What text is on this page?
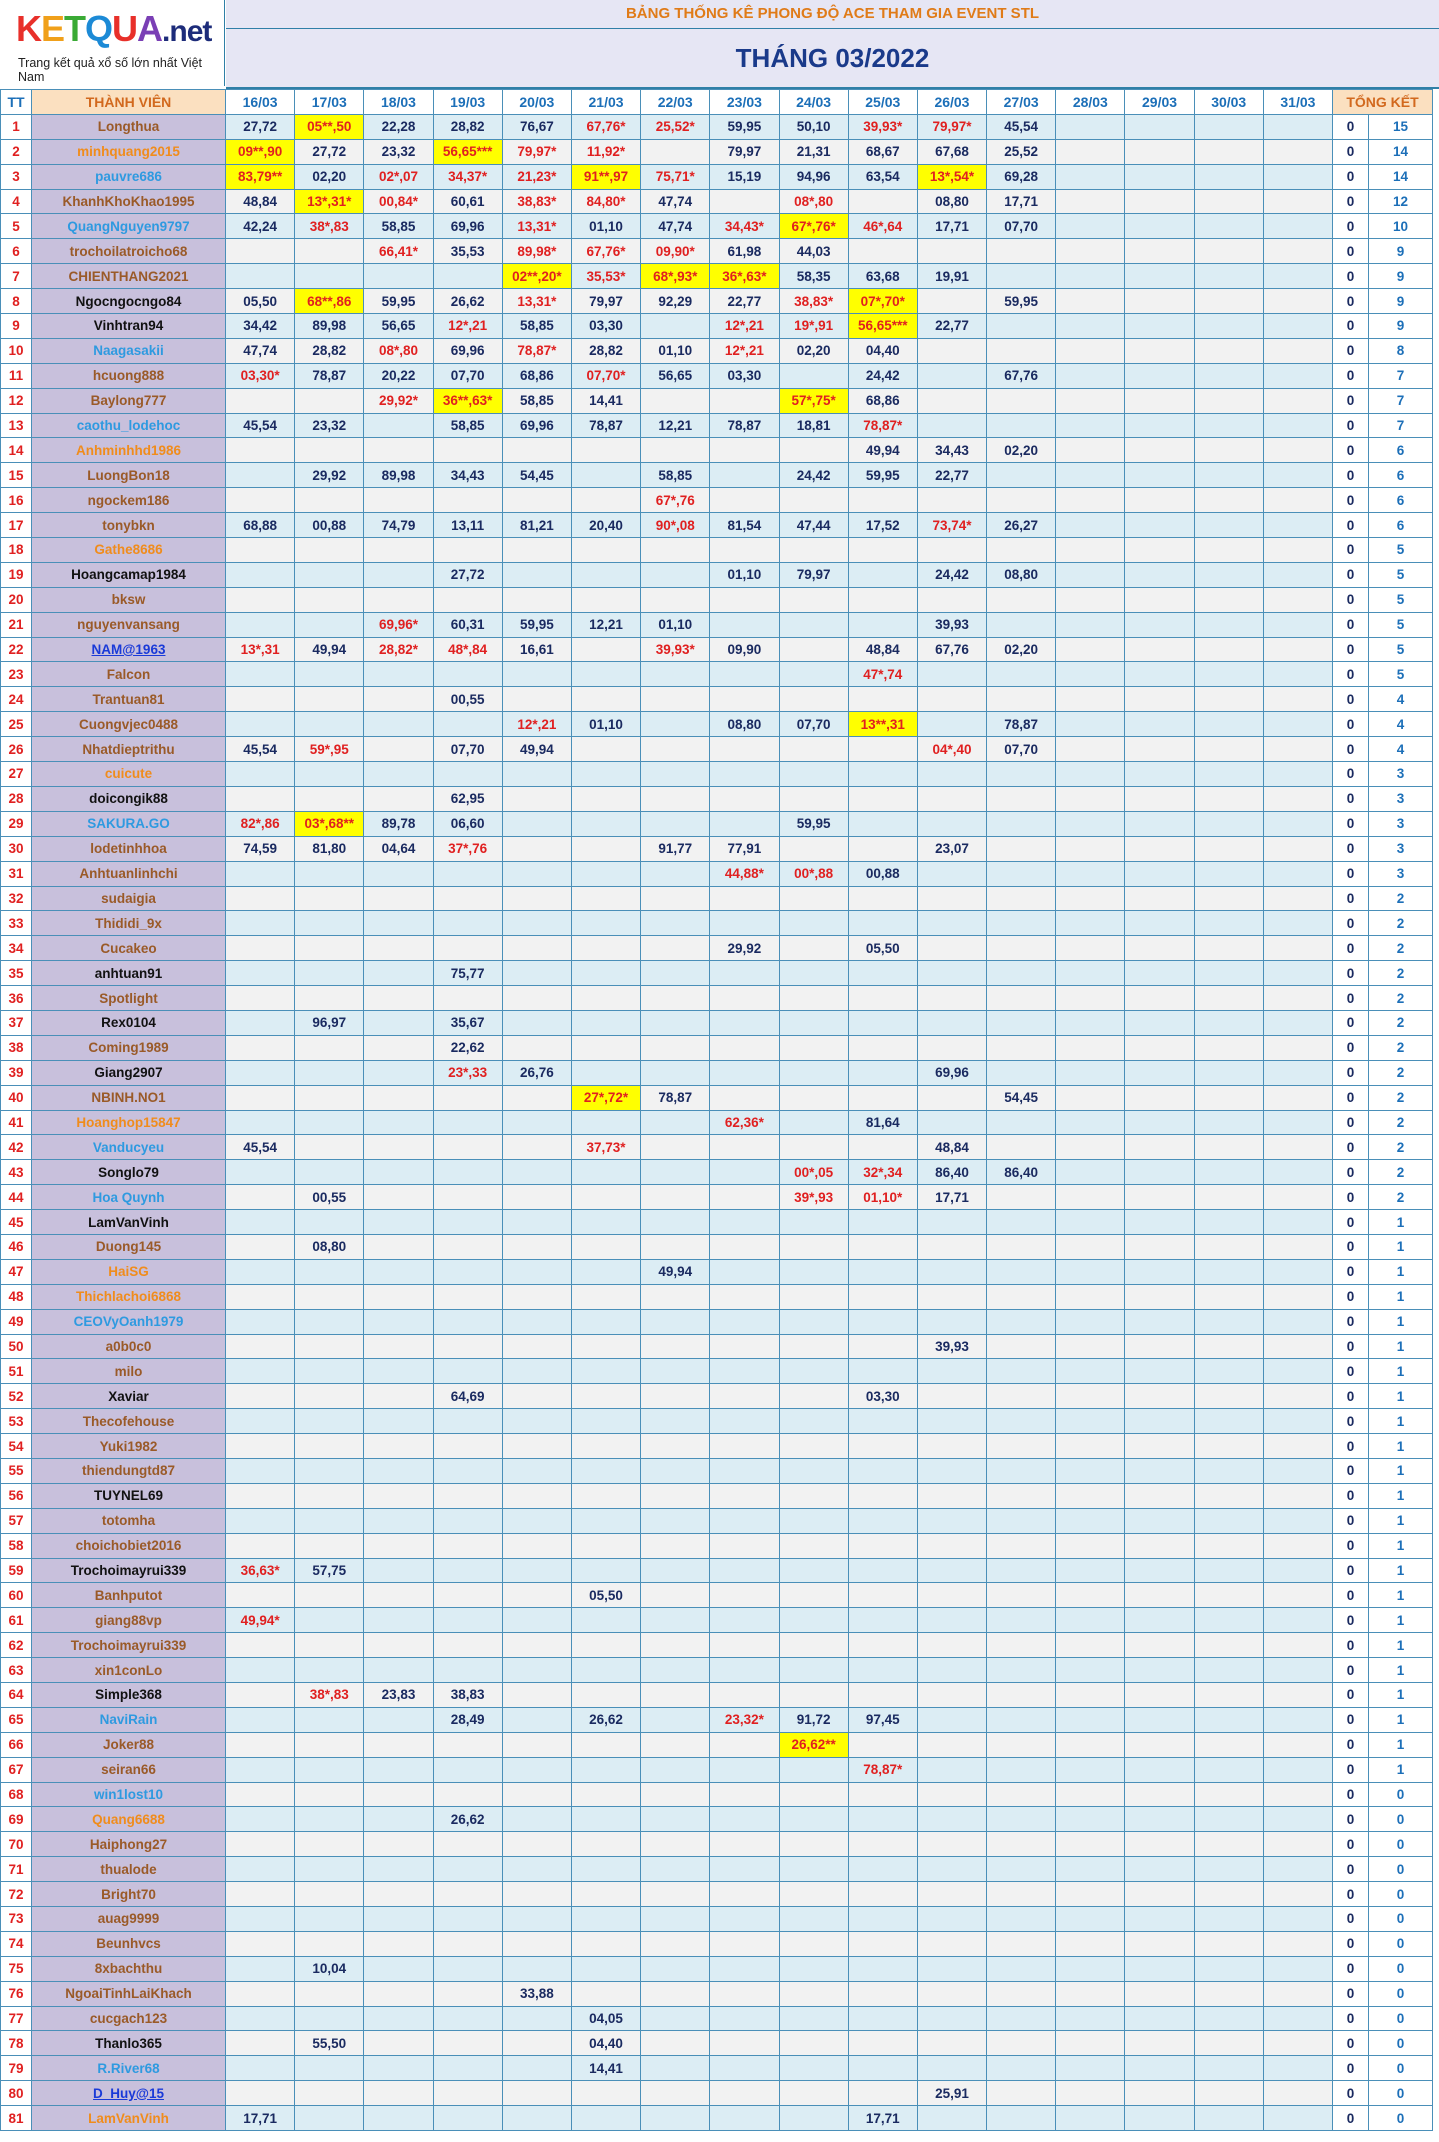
KETQUA.net
Trang kết quả xổ số lớn nhất Việt Nam
BẢNG THỐNG KÊ PHONG ĐỘ ACE THAM GIA EVENT STL
THÁNG 03/2022
TT	THÀNH VIÊN	16/03	17/03	18/03	19/03	20/03	21/03	22/03	23/03	24/03	25/03	26/03	27/03	28/03	29/03	30/03	31/03	TỔNG KẾT	
1	Longthua	27,72	05**,50	22,28	28,82	76,67	67,76*	25,52*	59,95	50,10	39,93*	79,97*	45,54					0	15
2	minhquang2015	09**,90	27,72	23,32	56,65***	79,97*	11,92*		79,97	21,31	68,67	67,68	25,52					0	14
3	pauvre686	83,79**	02,20	02*,07	34,37*	21,23*	91**,97	75,71*	15,19	94,96	63,54	13*,54*	69,28					0	14
4	KhanhKhoKhao1995	48,84	13*,31*	00,84*	60,61	38,83*	84,80*	47,74		08*,80		08,80	17,71					0	12
5	QuangNguyen9797	42,24	38*,83	58,85	69,96	13,31*	01,10	47,74	34,43*	67*,76*	46*,64	17,71	07,70					0	10
6	trochoilatroicho68			66,41*	35,53	89,98*	67,76*	09,90*	61,98	44,03								0	9
7	CHIENTHANG2021					02**,20*	35,53*	68*,93*	36*,63*	58,35	63,68	19,91						0	9
8	Ngocngocngo84	05,50	68**,86	59,95	26,62	13,31*	79,97	92,29	22,77	38,83*	07*,70*		59,95					0	9
9	Vinhtran94	34,42	89,98	56,65	12*,21	58,85	03,30		12*,21	19*,91	56,65***	22,77						0	9
10	Naagasakii	47,74	28,82	08*,80	69,96	78,87*	28,82	01,10	12*,21	02,20	04,40							0	8
11	hcuong888	03,30*	78,87	20,22	07,70	68,86	07,70*	56,65	03,30		24,42		67,76					0	7
12	Baylong777			29,92*	36**,63*	58,85	14,41			57*,75*	68,86							0	7
13	caothu_lodehoc	45,54	23,32		58,85	69,96	78,87	12,21	78,87	18,81	78,87*							0	7
14	Anhminhhd1986										49,94	34,43	02,20					0	6
15	LuongBon18		29,92	89,98	34,43	54,45		58,85		24,42	59,95	22,77						0	6
16	ngockem186							67*,76										0	6
17	tonybkn	68,88	00,88	74,79	13,11	81,21	20,40	90*,08	81,54	47,44	17,52	73,74*	26,27					0	6
18	Gathe8686																	0	5
19	Hoangcamap1984				27,72				01,10	79,97		24,42	08,80					0	5
20	bksw																	0	5
21	nguyenvansang			69,96*	60,31	59,95	12,21	01,10				39,93						0	5
22	NAM@1963	13*,31	49,94	28,82*	48*,84	16,61		39,93*	09,90		48,84	67,76	02,20					0	5
23	Falcon										47*,74							0	5
24	Trantuan81				00,55													0	4
25	Cuongvjec0488					12*,21	01,10		08,80	07,70	13**,31		78,87					0	4
26	Nhatdieptrithu	45,54	59*,95		07,70	49,94						04*,40	07,70					0	4
27	cuicute																	0	3
28	doicongik88				62,95													0	3
29	SAKURA.GO	82*,86	03*,68**	89,78	06,60					59,95								0	3
30	lodetinhhoa	74,59	81,80	04,64	37*,76			91,77	77,91			23,07						0	3
31	Anhtuanlinhchi								44,88*	00*,88	00,88							0	3
32	sudaigia																	0	2
33	Thididi_9x																	0	2
34	Cucakeo								29,92		05,50							0	2
35	anhtuan91				75,77													0	2
36	Spotlight																	0	2
37	Rex0104		96,97		35,67													0	2
38	Coming1989				22,62													0	2
39	Giang2907				23*,33	26,76						69,96						0	2
40	NBINH.NO1						27*,72*	78,87					54,45					0	2
41	Hoanghop15847								62,36*		81,64							0	2
42	Vanducyeu	45,54					37,73*					48,84						0	2
43	Songlo79									00*,05	32*,34	86,40	86,40					0	2
44	Hoa Quynh		00,55							39*,93	01,10*	17,71						0	2
45	LamVanVinh																	0	1
46	Duong145		08,80															0	1
47	HaiSG							49,94										0	1
48	Thichlachoi6868																	0	1
49	CEOVyOanh1979																	0	1
50	a0b0c0											39,93						0	1
51	milo																	0	1
52	Xaviar				64,69						03,30							0	1
53	Thecofehouse																	0	1
54	Yuki1982																	0	1
55	thiendungtd87																	0	1
56	TUYNEL69																	0	1
57	totomha																	0	1
58	choichobiet2016																	0	1
59	Trochoimayrui339	36,63*	57,75															0	1
60	Banhputot						05,50											0	1
61	giang88vp	49,94*																0	1
62	Trochoimayrui339																	0	1
63	xin1conLo																	0	1
64	Simple368		38*,83	23,83	38,83													0	1
65	NaviRain				28,49		26,62		23,32*	91,72	97,45							0	1
66	Joker88									26,62**								0	1
67	seiran66										78,87*							0	1
68	win1lost10																	0	0
69	Quang6688				26,62													0	0
70	Haiphong27																	0	0
71	thualode																	0	0
72	Bright70																	0	0
73	auag9999																	0	0
74	Beunhvcs																	0	0
75	8xbachthu		10,04															0	0
76	NgoaiTinhLaiKhach					33,88												0	0
77	cucgach123						04,05											0	0
78	Thanlo365		55,50				04,40											0	0
79	R.River68						14,41											0	0
80	D_Huy@15											25,91						0	0
81	LamVanVinh	17,71									17,71							0	0
